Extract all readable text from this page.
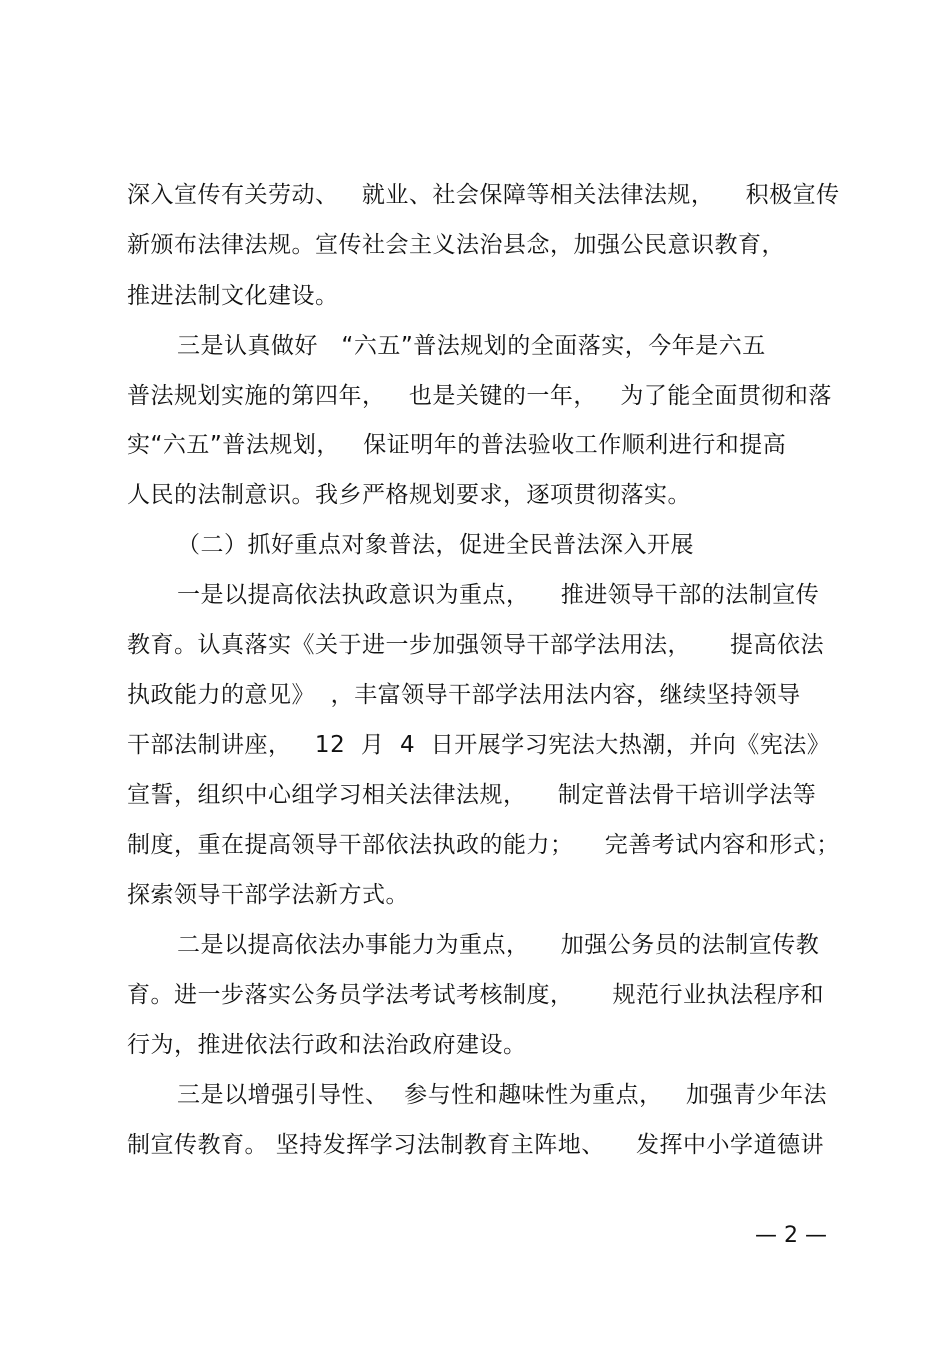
深入宣传有关劳动、   就业、社会保障等相关法律法规，    积极宣传
新颁布法律法规。宣传社会主义法治县念，加强公民意识教育，
推进法制文化建设。
三是认真做好   “六五”普法规划的全面落实，今年是六五
普法规划实施的第四年，   也是关键的一年，   为了能全面贯彻和落
实“六五”普法规划，   保证明年的普法验收工作顺利进行和提高
人民的法制意识。我乡严格规划要求，逐项贯彻落实。
（二）抓好重点对象普法，促进全民普法深入开展
一是以提高依法执政意识为重点，    推进领导干部的法制宣传
教育。认真落实《关于进一步加强领导干部学法用法，     提高依法
执政能力的意见》  ，丰富领导干部学法用法内容，继续坚持领导
干部法制讲座，   12  月  4  日开展学习宪法大热潮，并向《宪法》
宣誓，组织中心组学习相关法律法规，    制定普法骨干培训学法等
制度，重在提高领导干部依法执政的能力；    完善考试内容和形式；
探索领导干部学法新方式。
二是以提高依法办事能力为重点，    加强公务员的法制宣传教
育。进一步落实公务员学法考试考核制度，     规范行业执法程序和
行为，推进依法行政和法治政府建设。
三是以增强引导性、  参与性和趣味性为重点，   加强青少年法
制宣传教育。 坚持发挥学习法制教育主阵地、    发挥中小学道德讲
— 2 —
